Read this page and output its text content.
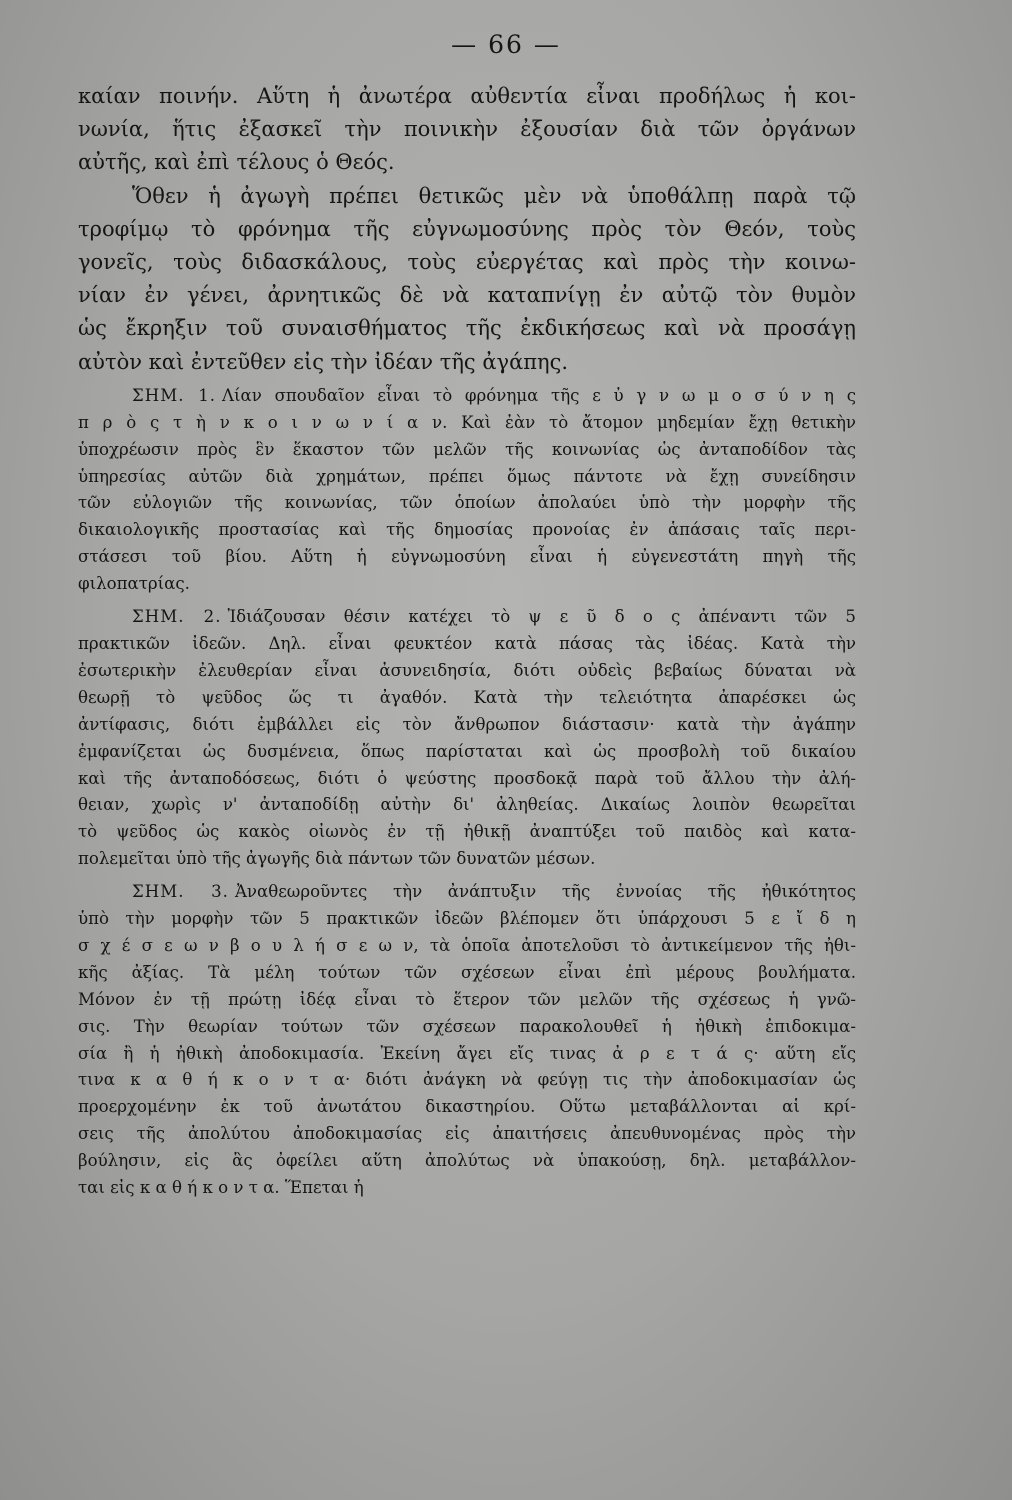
— 66 —
καίαν ποινήν. Αὕτη ἡ ἀνωτέρα αὐθεντία εἶναι προδήλως ἡ κοι-
νωνία, ἥτις ἐξασκεῖ τὴν ποινικὴν ἐξουσίαν διὰ τῶν ὀργάνων
αὐτῆς, καὶ ἐπὶ τέλους ὁ Θεός.
Ὅθεν ἡ ἀγωγὴ πρέπει θετικῶς μὲν νὰ ὑποθάλπῃ παρὰ τῷ
τροφίμῳ τὸ φρόνημα τῆς εὐγνωμοσύνης πρὸς τὸν Θεόν, τοὺς
γονεῖς, τοὺς διδασκάλους, τοὺς εὐεργέτας καὶ πρὸς τὴν κοινω-
νίαν ἐν γένει, ἀρνητικῶς δὲ νὰ καταπνίγῃ ἐν αὐτῷ τὸν θυμὸν
ὡς ἔκρηξιν τοῦ συναισθήματος τῆς ἐκδικήσεως καὶ νὰ προσάγῃ
αὐτὸν καὶ ἐντεῦθεν εἰς τὴν ἰδέαν τῆς ἀγάπης.
ΣΗΜ. 1. Λίαν σπουδαῖον εἶναι τὸ φρόνημα τῆς ε ὐ γ ν ω μ ο σ ύ ν η ς
π ρ ὸ ς τ ὴ ν κ ο ι ν ω ν ί α ν. Καὶ ἐὰν τὸ ἄτομον μηδεμίαν ἔχῃ θετικὴν
ὑποχρέωσιν πρὸς ἓν ἕκαστον τῶν μελῶν τῆς κοινωνίας ὡς ἀνταποδίδον τὰς
ὑπηρεσίας αὐτῶν διὰ χρημάτων, πρέπει ὅμως πάντοτε νὰ ἔχῃ συνείδησιν
τῶν εὐλογιῶν τῆς κοινωνίας, τῶν ὁποίων ἀπολαύει ὑπὸ τὴν μορφὴν τῆς
δικαιολογικῆς προστασίας καὶ τῆς δημοσίας προνοίας ἐν ἁπάσαις ταῖς περι-
στάσεσι τοῦ βίου. Αὕτη ἡ εὐγνωμοσύνη εἶναι ἡ εὐγενεστάτη πηγὴ τῆς
φιλοπατρίας.
ΣΗΜ. 2. Ἰδιάζουσαν θέσιν κατέχει τὸ ψ ε ῦ δ ο ς ἀπέναντι τῶν 5
πρακτικῶν ἰδεῶν. Δηλ. εἶναι φευκτέον κατὰ πάσας τὰς ἰδέας. Κατὰ τὴν
ἐσωτερικὴν ἐλευθερίαν εἶναι ἀσυνειδησία, διότι οὐδεὶς βεβαίως δύναται νὰ
θεωρῇ τὸ ψεῦδος ὥς τι ἀγαθόν. Κατὰ τὴν τελειότητα ἀπαρέσκει ὡς
ἀντίφασις, διότι ἐμβάλλει εἰς τὸν ἄνθρωπον διάστασιν· κατὰ τὴν ἀγάπην
ἐμφανίζεται ὡς δυσμένεια, ὅπως παρίσταται καὶ ὡς προσβολὴ τοῦ δικαίου
καὶ τῆς ἀνταποδόσεως, διότι ὁ ψεύστης προσδοκᾷ παρὰ τοῦ ἄλλου τὴν ἀλή-
θειαν, χωρὶς ν' ἀνταποδίδῃ αὐτὴν δι' ἀληθείας. Δικαίως λοιπὸν θεωρεῖται
τὸ ψεῦδος ὡς κακὸς οἰωνὸς ἐν τῇ ἠθικῇ ἀναπτύξει τοῦ παιδὸς καὶ κατα-
πολεμεῖται ὑπὸ τῆς ἀγωγῆς διὰ πάντων τῶν δυνατῶν μέσων.
ΣΗΜ. 3. Ἀναθεωροῦντες τὴν ἀνάπτυξιν τῆς ἐννοίας τῆς ἠθικότητος
ὑπὸ τὴν μορφὴν τῶν 5 πρακτικῶν ἰδεῶν βλέπομεν ὅτι ὑπάρχουσι 5 ε ἴ δ η
σ χ έ σ ε ω ν β ο υ λ ή σ ε ω ν, τὰ ὁποῖα ἀποτελοῦσι τὸ ἀντικείμενον τῆς ἠθι-
κῆς ἀξίας. Τὰ μέλη τούτων τῶν σχέσεων εἶναι ἐπὶ μέρους βουλήματα.
Μόνον ἐν τῇ πρώτῃ ἰδέᾳ εἶναι τὸ ἕτερον τῶν μελῶν τῆς σχέσεως ἡ γνῶ-
σις. Τὴν θεωρίαν τούτων τῶν σχέσεων παρακολουθεῖ ἡ ἠθικὴ ἐπιδοκιμα-
σία ἢ ἡ ἠθικὴ ἀποδοκιμασία. Ἐκείνη ἄγει εἴς τινας ἀ ρ ε τ ά ς· αὕτη εἴς
τινα κ α θ ή κ ο ν τ α· διότι ἀνάγκη νὰ φεύγῃ τις τὴν ἀποδοκιμασίαν ὡς
προερχομένην ἐκ τοῦ ἀνωτάτου δικαστηρίου. Οὕτω μεταβάλλονται αἱ κρί-
σεις τῆς ἀπολύτου ἀποδοκιμασίας εἰς ἀπαιτήσεις ἀπευθυνομένας πρὸς τὴν
βούλησιν, εἰς ἃς ὀφείλει αὕτη ἀπολύτως νὰ ὑπακούσῃ, δηλ. μεταβάλλον-
ται εἰς κ α θ ή κ ο ν τ α. Ἕπεται ἡ
